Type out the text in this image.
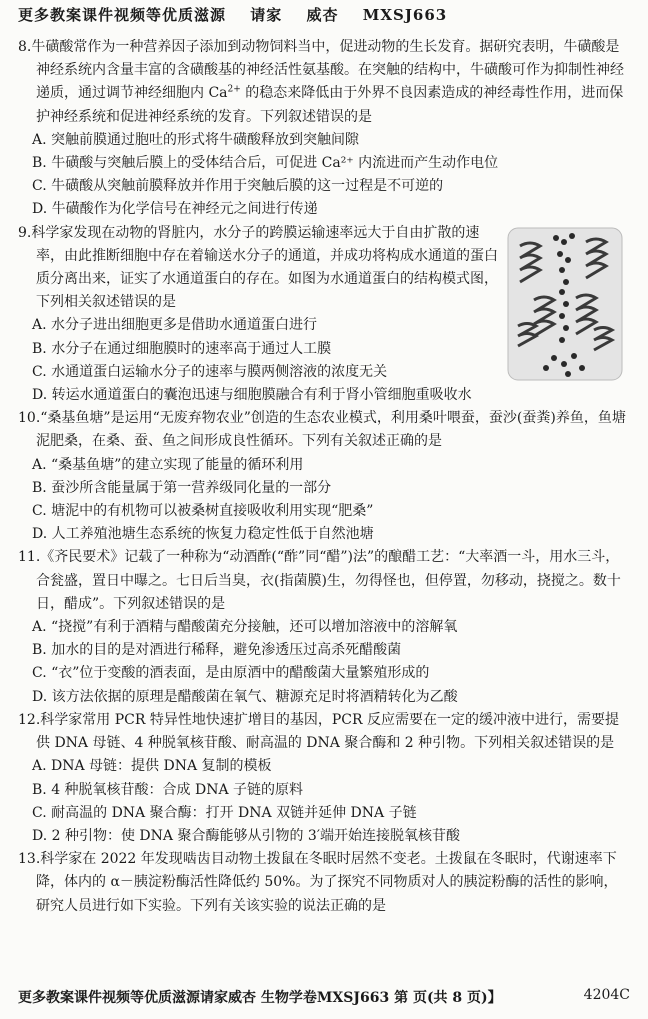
更多教案课件视频等优质滋源 请家 威杏 MXSJ663

8.牛磺酸常作为一种营养因子添加到动物饲料当中，促进动物的生长发育。据研究表明，牛磺酸是神经系统内含量丰富的含磺酸基的神经活性氨基酸。在突触的结构中，牛磺酸可作为抑制性神经递质，通过调节神经细胞内 $Ca^{2+}$ 的稳态来降低由于外界不良因素造成的神经毒性作用，进而保护神经系统和促进神经系统的发育。下列叙述错误的是

A. 突触前膜通过胞吐的形式将牛磺酸释放到突触间隙

B. 牛磺酸与突触后膜上的受体结合后，可促进 Ca²⁺ 内流进而产生动作电位

C. 牛磺酸从突触前膜释放并作用于突触后膜的这一过程是不可逆的

D. 牛磺酸作为化学信号在神经元之间进行传递

9.科学家发现在动物的肾脏内，水分子的跨膜运输速率远大于自由扩散的速率，由此推断细胞中存在着输送水分子的通道，并成功将构成水通道的蛋白质分离出来，证实了水通道蛋白的存在。如图为水通道蛋白的结构模式图，下列相关叙述错误的是

A. 水分子进出细胞更多是借助水通道蛋白进行

B. 水分子在通过细胞膜时的速率高于通过人工膜

C. 水通道蛋白运输水分子的速率与膜两侧溶液的浓度无关

D. 转运水通道蛋白的囊泡迅速与细胞膜融合有利于肾小管细胞重吸收水

10.“桑基鱼塘”是运用“无废弃物农业”创造的生态农业模式，利用桑叶喂蚕，蚕沙(蚕粪)养鱼，鱼塘泥肥桑，在桑、蚕、鱼之间形成良性循环。下列有关叙述正确的是

A. “桑基鱼塘”的建立实现了能量的循环利用

B. 蚕沙所含能量属于第一营养级同化量的一部分

C. 塘泥中的有机物可以被桑树直接吸收利用实现“肥桑”

D. 人工养殖池塘生态系统的恢复力稳定性低于自然池塘

11.《齐民要术》记载了一种称为“动酒酢(“酢”同“醋”)法”的酿醋工艺：“大率酒一斗，用水三斗，合瓮盛，置日中曝之。七日后当臭，衣(指菌膜)生，勿得怪也，但停置，勿移动，挠搅之。数十日，醋成”。下列叙述错误的是

A. “挠搅”有利于酒精与醋酸菌充分接触，还可以增加溶液中的溶解氧

B. 加水的目的是对酒进行稀释，避免渗透压过高杀死醋酸菌

C. “衣”位于变酸的酒表面，是由原酒中的醋酸菌大量繁殖形成的

D. 该方法依据的原理是醋酸菌在氧气、糖源充足时将酒精转化为乙酸

12.科学家常用 PCR 特异性地快速扩增目的基因，PCR 反应需要在一定的缓冲液中进行，需要提供 DNA 母链、4 种脱氧核苷酸、耐高温的 DNA 聚合酶和 2 种引物。下列相关叙述错误的是

A. DNA 母链：提供 DNA 复制的模板

B. 4 种脱氧核苷酸：合成 DNA 子链的原料

C. 耐高温的 DNA 聚合酶：打开 DNA 双链并延伸 DNA 子链

D. 2 种引物：使 DNA 聚合酶能够从引物的 3′端开始连接脱氧核苷酸

13.科学家在 2022 年发现啮齿目动物土拨鼠在冬眠时居然不变老。土拨鼠在冬眠时，代谢速率下降，体内的 α－胰淀粉酶活性降低约 50%。为了探究不同物质对人的胰淀粉酶的活性的影响，研究人员进行如下实验。下列有关该实验的说法正确的是

更多教案课件视频等优质滋源请家威杏 生物学卷MXSJ663 第 页(共 8 页)】	4204C
